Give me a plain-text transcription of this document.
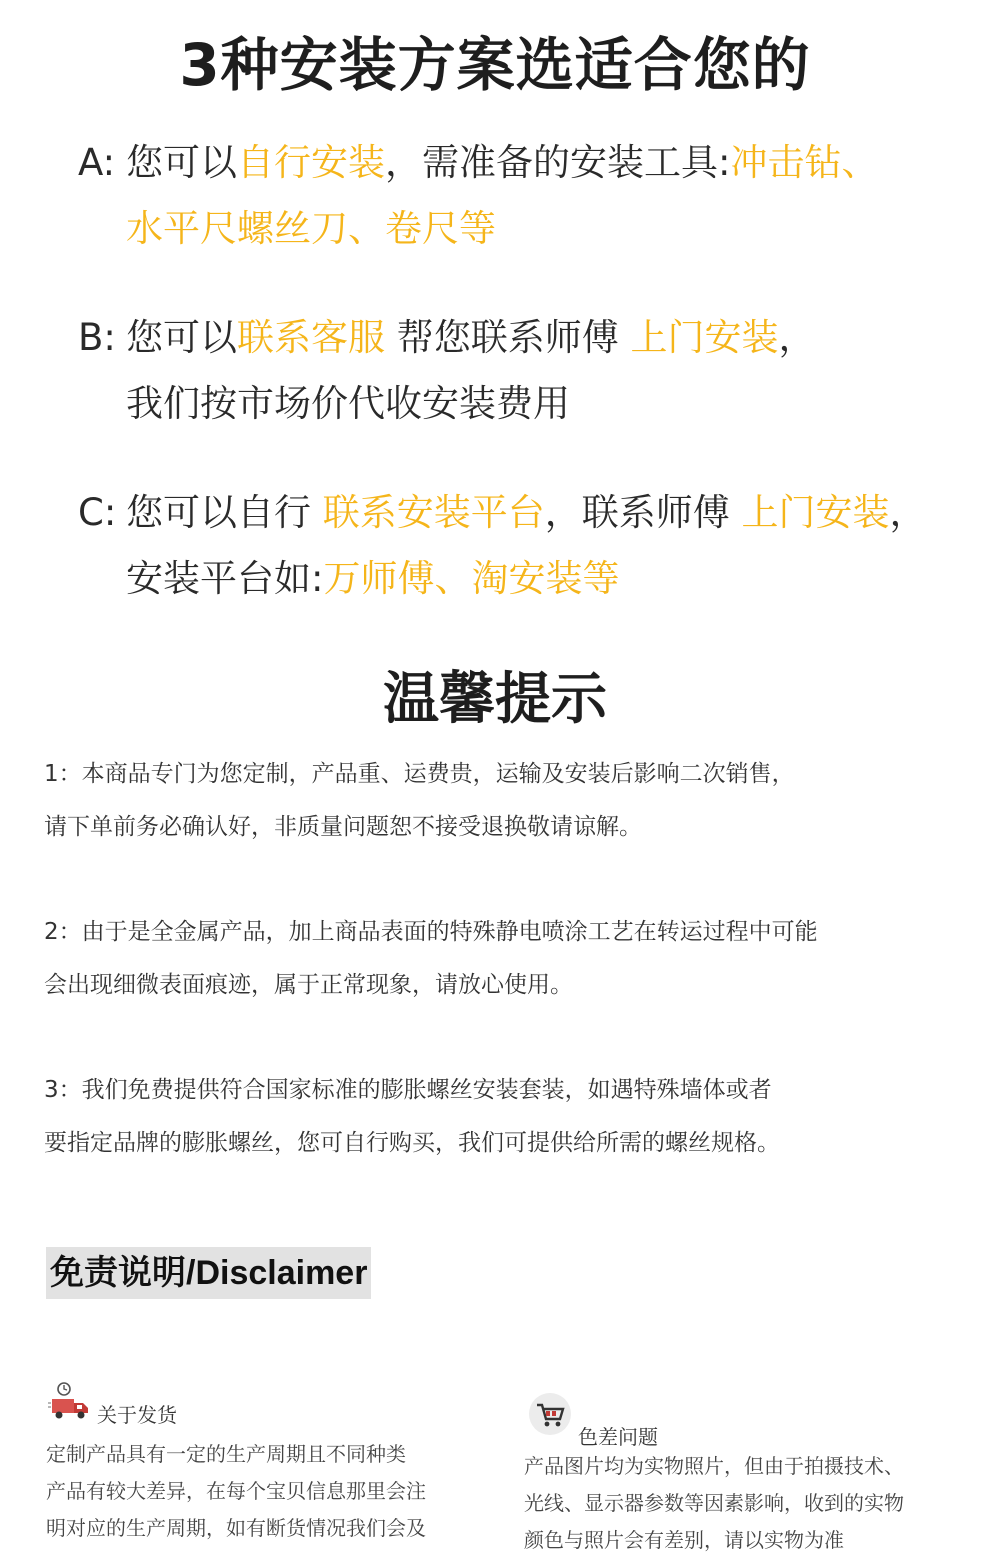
3种安装方案选适合您的
A: 您可以自行安装，需准备的安装工具:冲击钻、
水平尺螺丝刀、卷尺等
B: 您可以联系客服 帮您联系师傅 上门安装，
我们按市场价代收安装费用
C: 您可以自行 联系安装平台，联系师傅 上门安装，
安装平台如:万师傅、淘安装等
温馨提示
1：本商品专门为您定制，产品重、运费贵，运输及安装后影响二次销售，
请下单前务必确认好，非质量问题恕不接受退换敬请谅解。
2：由于是全金属产品，加上商品表面的特殊静电喷涂工艺在转运过程中可能
会出现细微表面痕迹，属于正常现象，请放心使用。
3：我们免费提供符合国家标准的膨胀螺丝安装套装，如遇特殊墙体或者
要指定品牌的膨胀螺丝，您可自行购买，我们可提供给所需的螺丝规格。
免责说明/Disclaimer
关于发货
定制产品具有一定的生产周期且不同种类
产品有较大差异，在每个宝贝信息那里会注
明对应的生产周期，如有断货情况我们会及
色差问题
产品图片均为实物照片，但由于拍摄技术、
光线、显示器参数等因素影响，收到的实物
颜色与照片会有差别，请以实物为准
